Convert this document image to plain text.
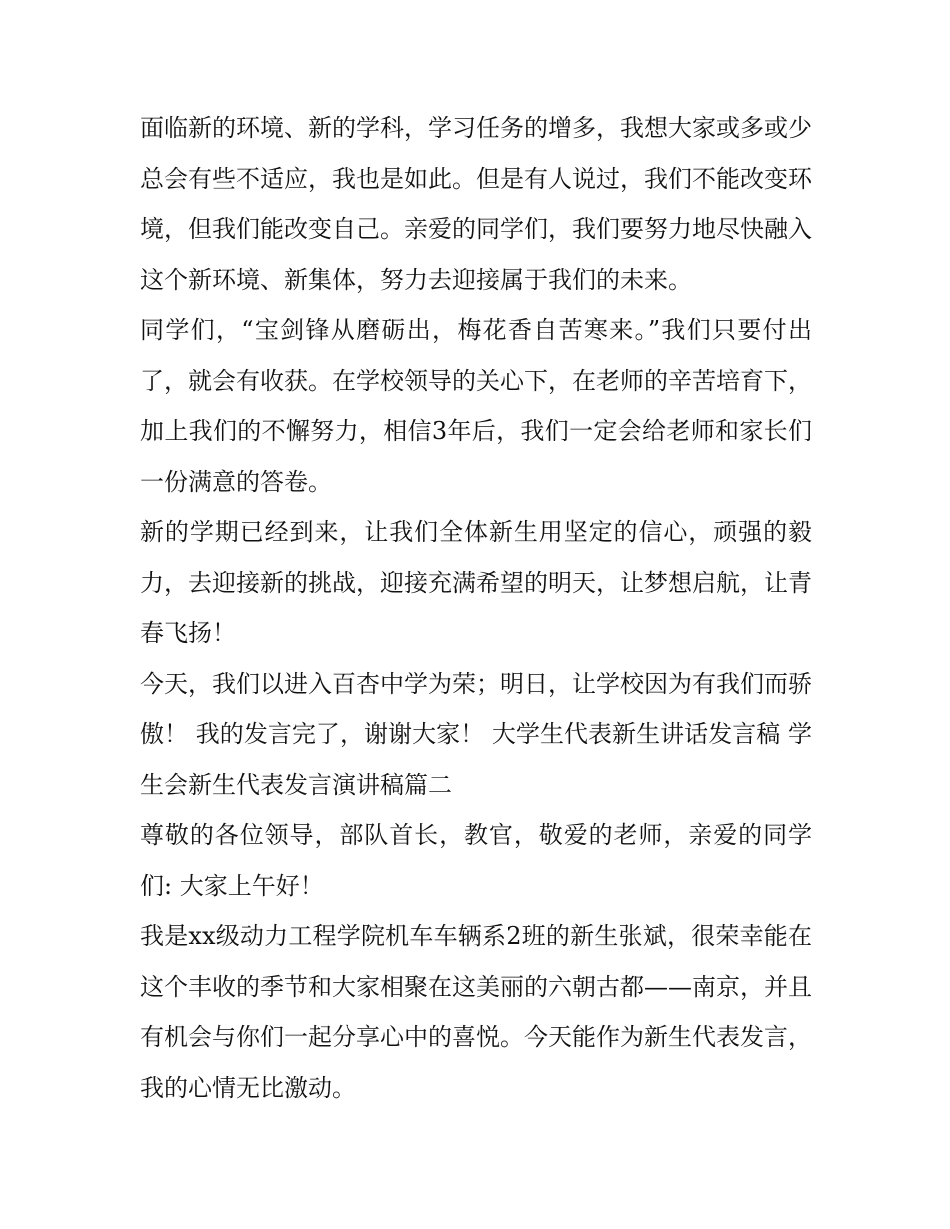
面临新的环境、新的学科，学习任务的增多，我想大家或多或少总会有些不适应，我也是如此。但是有人说过，我们不能改变环境，但我们能改变自己。亲爱的同学们，我们要努力地尽快融入这个新环境、新集体，努力去迎接属于我们的未来。

同学们，“宝剑锋从磨砺出，梅花香自苦寒来。”我们只要付出了，就会有收获。在学校领导的关心下，在老师的辛苦培育下，加上我们的不懈努力，相信3年后，我们一定会给老师和家长们一份满意的答卷。

新的学期已经到来，让我们全体新生用坚定的信心，顽强的毅力，去迎接新的挑战，迎接充满希望的明天，让梦想启航，让青春飞扬！

今天，我们以进入百杏中学为荣；明日，让学校因为有我们而骄傲！ 我的发言完了，谢谢大家！ 大学生代表新生讲话发言稿 学生会新生代表发言演讲稿篇二

尊敬的各位领导，部队首长，教官，敬爱的老师，亲爱的同学们: 大家上午好！

我是xx级动力工程学院机车车辆系2班的新生张斌，很荣幸能在这个丰收的季节和大家相聚在这美丽的六朝古都——南京，并且有机会与你们一起分享心中的喜悦。今天能作为新生代表发言，我的心情无比激动。
